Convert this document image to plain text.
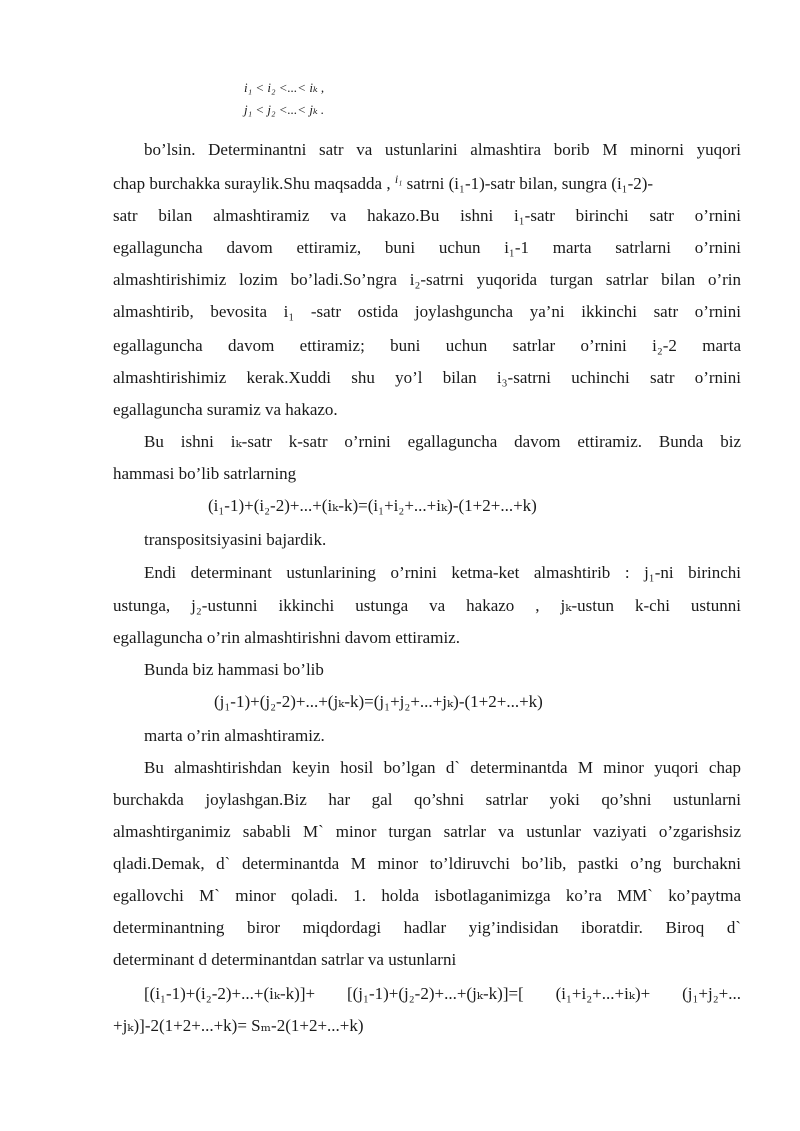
i₁ < i₂ <...< iₖ ,
j₁ < j₂ <...< jₖ .
bo’lsin. Determinantni satr va ustunlarini almashtira borib M minorni yuqori
chap burchakka suraylik.Shu maqsadda , $^{i_1}$ satrni (i₁-1)-satr bilan, sungra (i₁-2)-
satr bilan almashtiramiz va hakazo.Bu ishni i₁-satr birinchi satr o’rnini
egallaguncha davom ettiramiz, buni uchun i₁-1 marta satrlarni o’rnini
almashtirishimiz lozim bo’ladi.So’ngra i₂-satrni yuqorida turgan satrlar bilan o’rin
almashtirib, bevosita i₁ -satr ostida joylashguncha ya’ni ikkinchi satr o’rnini
egallaguncha davom ettiramiz; buni uchun satrlar o’rnini i₂-2 marta
almashtirishimiz kerak.Xuddi shu yo’l bilan i₃-satrni uchinchi satr o’rnini
egallaguncha suramiz va hakazo.
Bu ishni iₖ-satr k-satr o’rnini egallaguncha davom ettiramiz. Bunda biz
hammasi bo’lib satrlarning
(i₁-1)+(i₂-2)+...+(iₖ-k)=(i₁+i₂+...+iₖ)-(1+2+...+k)
transpositsiyasini bajardik.
Endi determinant ustunlarining o’rnini ketma-ket almashtirib : j₁-ni birinchi
ustunga, j₂-ustunni ikkinchi ustunga va hakazo , jₖ-ustun k-chi ustunni
egallaguncha o’rin almashtirishni davom ettiramiz.
Bunda biz hammasi bo’lib
(j₁-1)+(j₂-2)+...+(jₖ-k)=(j₁+j₂+...+jₖ)-(1+2+...+k)
marta o’rin almashtiramiz.
Bu almashtirishdan keyin hosil bo’lgan d` determinantda M minor yuqori chap
burchakda joylashgan.Biz har gal qo’shni satrlar yoki qo’shni ustunlarni
almashtirganimiz sababli M` minor turgan satrlar va ustunlar vaziyati o’zgarishsiz
qladi.Demak, d` determinantda M minor to’ldiruvchi bo’lib, pastki o’ng burchakni
egallovchi M` minor qoladi. 1. holda isbotlaganimizga ko’ra MM` ko’paytma
determinantning biror miqdordagi hadlar yig’indisidan iboratdir. Biroq d`
determinant d determinantdan satrlar va ustunlarni
[(i₁-1)+(i₂-2)+...+(iₖ-k)]+ [(j₁-1)+(j₂-2)+...+(jₖ-k)]=[ (i₁+i₂+...+iₖ)+ (j₁+j₂+...
+jₖ)]-2(1+2+...+k)= Sₘ-2(1+2+...+k)
